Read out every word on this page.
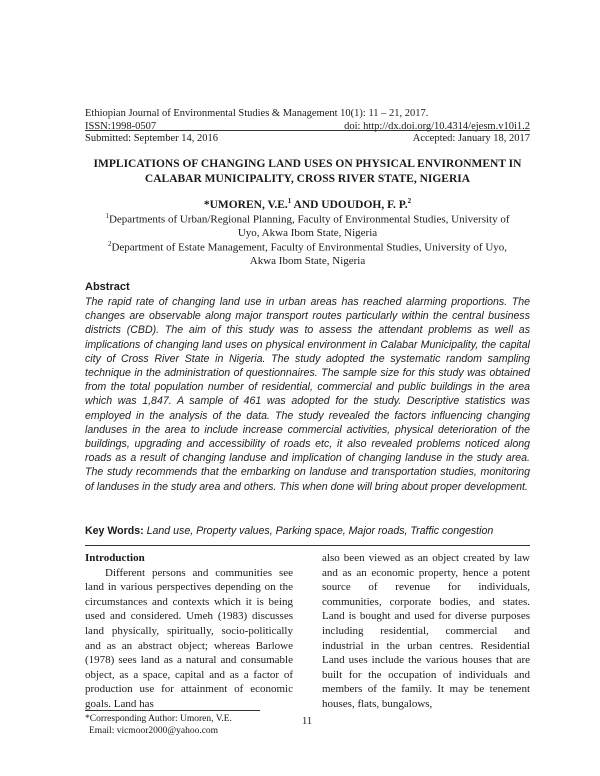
Ethiopian Journal of Environmental Studies & Management 10(1): 11 – 21, 2017.
ISSN:1998-0507	doi: http://dx.doi.org/10.4314/ejesm.v10i1.2
Submitted: September 14, 2016	Accepted: January 18, 2017
IMPLICATIONS OF CHANGING LAND USES ON PHYSICAL ENVIRONMENT IN
CALABAR MUNICIPALITY, CROSS RIVER STATE, NIGERIA
*UMOREN, V.E.$^1$ AND UDOUDOH, F. P.$^2$
$^1$Departments of Urban/Regional Planning, Faculty of Environmental Studies, University of
Uyo, Akwa Ibom State, Nigeria
$^2$Department of Estate Management, Faculty of Environmental Studies, University of Uyo,
Akwa Ibom State, Nigeria
Abstract
The rapid rate of changing land use in urban areas has reached alarming proportions. The changes are observable along major transport routes particularly within the central business districts (CBD). The aim of this study was to assess the attendant problems as well as implications of changing land uses on physical environment in Calabar Municipality, the capital city of Cross River State in Nigeria. The study adopted the systematic random sampling technique in the administration of questionnaires. The sample size for this study was obtained from the total population number of residential, commercial and public buildings in the area which was 1,847. A sample of 461 was adopted for the study. Descriptive statistics was employed in the analysis of the data. The study revealed the factors influencing changing landuses in the area to include increase commercial activities, physical deterioration of the buildings, upgrading and accessibility of roads etc, it also revealed problems noticed along roads as a result of changing landuse and implication of changing landuse in the study area. The study recommends that the embarking on landuse and transportation studies, monitoring of landuses in the study area and others. This when done will bring about proper development.
Key Words: Land use, Property values, Parking space, Major roads, Traffic congestion
Introduction
Different persons and communities see land in various perspectives depending on the circumstances and contexts which it is being used and considered. Umeh (1983) discusses land physically, spiritually, socio-politically and as an abstract object; whereas Barlowe (1978) sees land as a natural and consumable object, as a space, capital and as a factor of production use for attainment of economic goals. Land has
also been viewed as an object created by law and as an economic property, hence a potent source of revenue for individuals, communities, corporate bodies, and states. Land is bought and used for diverse purposes including residential, commercial and industrial in the urban centres. Residential Land uses include the various houses that are built for the occupation of individuals and members of the family. It may be tenement houses, flats, bungalows,
*Corresponding Author: Umoren, V.E.
Email: vicmoor2000@yahoo.com
11
